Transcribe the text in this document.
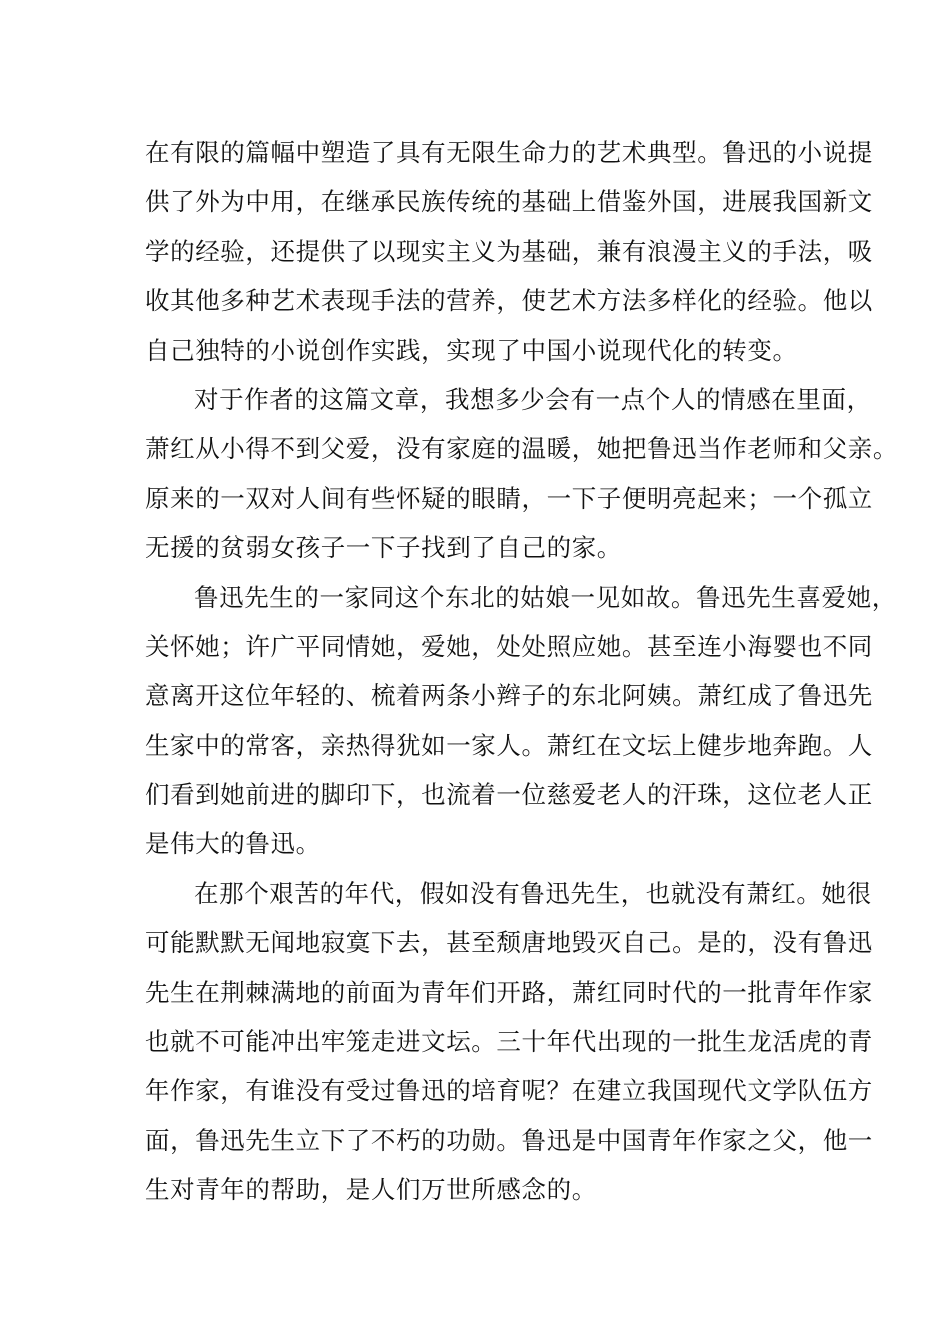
在有限的篇幅中塑造了具有无限生命力的艺术典型。鲁迅的小说提
供了外为中用，在继承民族传统的基础上借鉴外国，进展我国新文
学的经验，还提供了以现实主义为基础，兼有浪漫主义的手法，吸
收其他多种艺术表现手法的营养，使艺术方法多样化的经验。他以
自己独特的小说创作实践，实现了中国小说现代化的转变。

对于作者的这篇文章，我想多少会有一点个人的情感在里面，
萧红从小得不到父爱，没有家庭的温暖，她把鲁迅当作老师和父亲。
原来的一双对人间有些怀疑的眼睛，一下子便明亮起来；一个孤立
无援的贫弱女孩子一下子找到了自己的家。

鲁迅先生的一家同这个东北的姑娘一见如故。鲁迅先生喜爱她，
关怀她；许广平同情她，爱她，处处照应她。甚至连小海婴也不同
意离开这位年轻的、梳着两条小辫子的东北阿姨。萧红成了鲁迅先
生家中的常客，亲热得犹如一家人。萧红在文坛上健步地奔跑。人
们看到她前进的脚印下，也流着一位慈爱老人的汗珠，这位老人正
是伟大的鲁迅。

在那个艰苦的年代，假如没有鲁迅先生，也就没有萧红。她很
可能默默无闻地寂寞下去，甚至颓唐地毁灭自己。是的，没有鲁迅
先生在荆棘满地的前面为青年们开路，萧红同时代的一批青年作家
也就不可能冲出牢笼走进文坛。三十年代出现的一批生龙活虎的青
年作家，有谁没有受过鲁迅的培育呢？在建立我国现代文学队伍方
面，鲁迅先生立下了不朽的功勋。鲁迅是中国青年作家之父，他一
生对青年的帮助，是人们万世所感念的。
